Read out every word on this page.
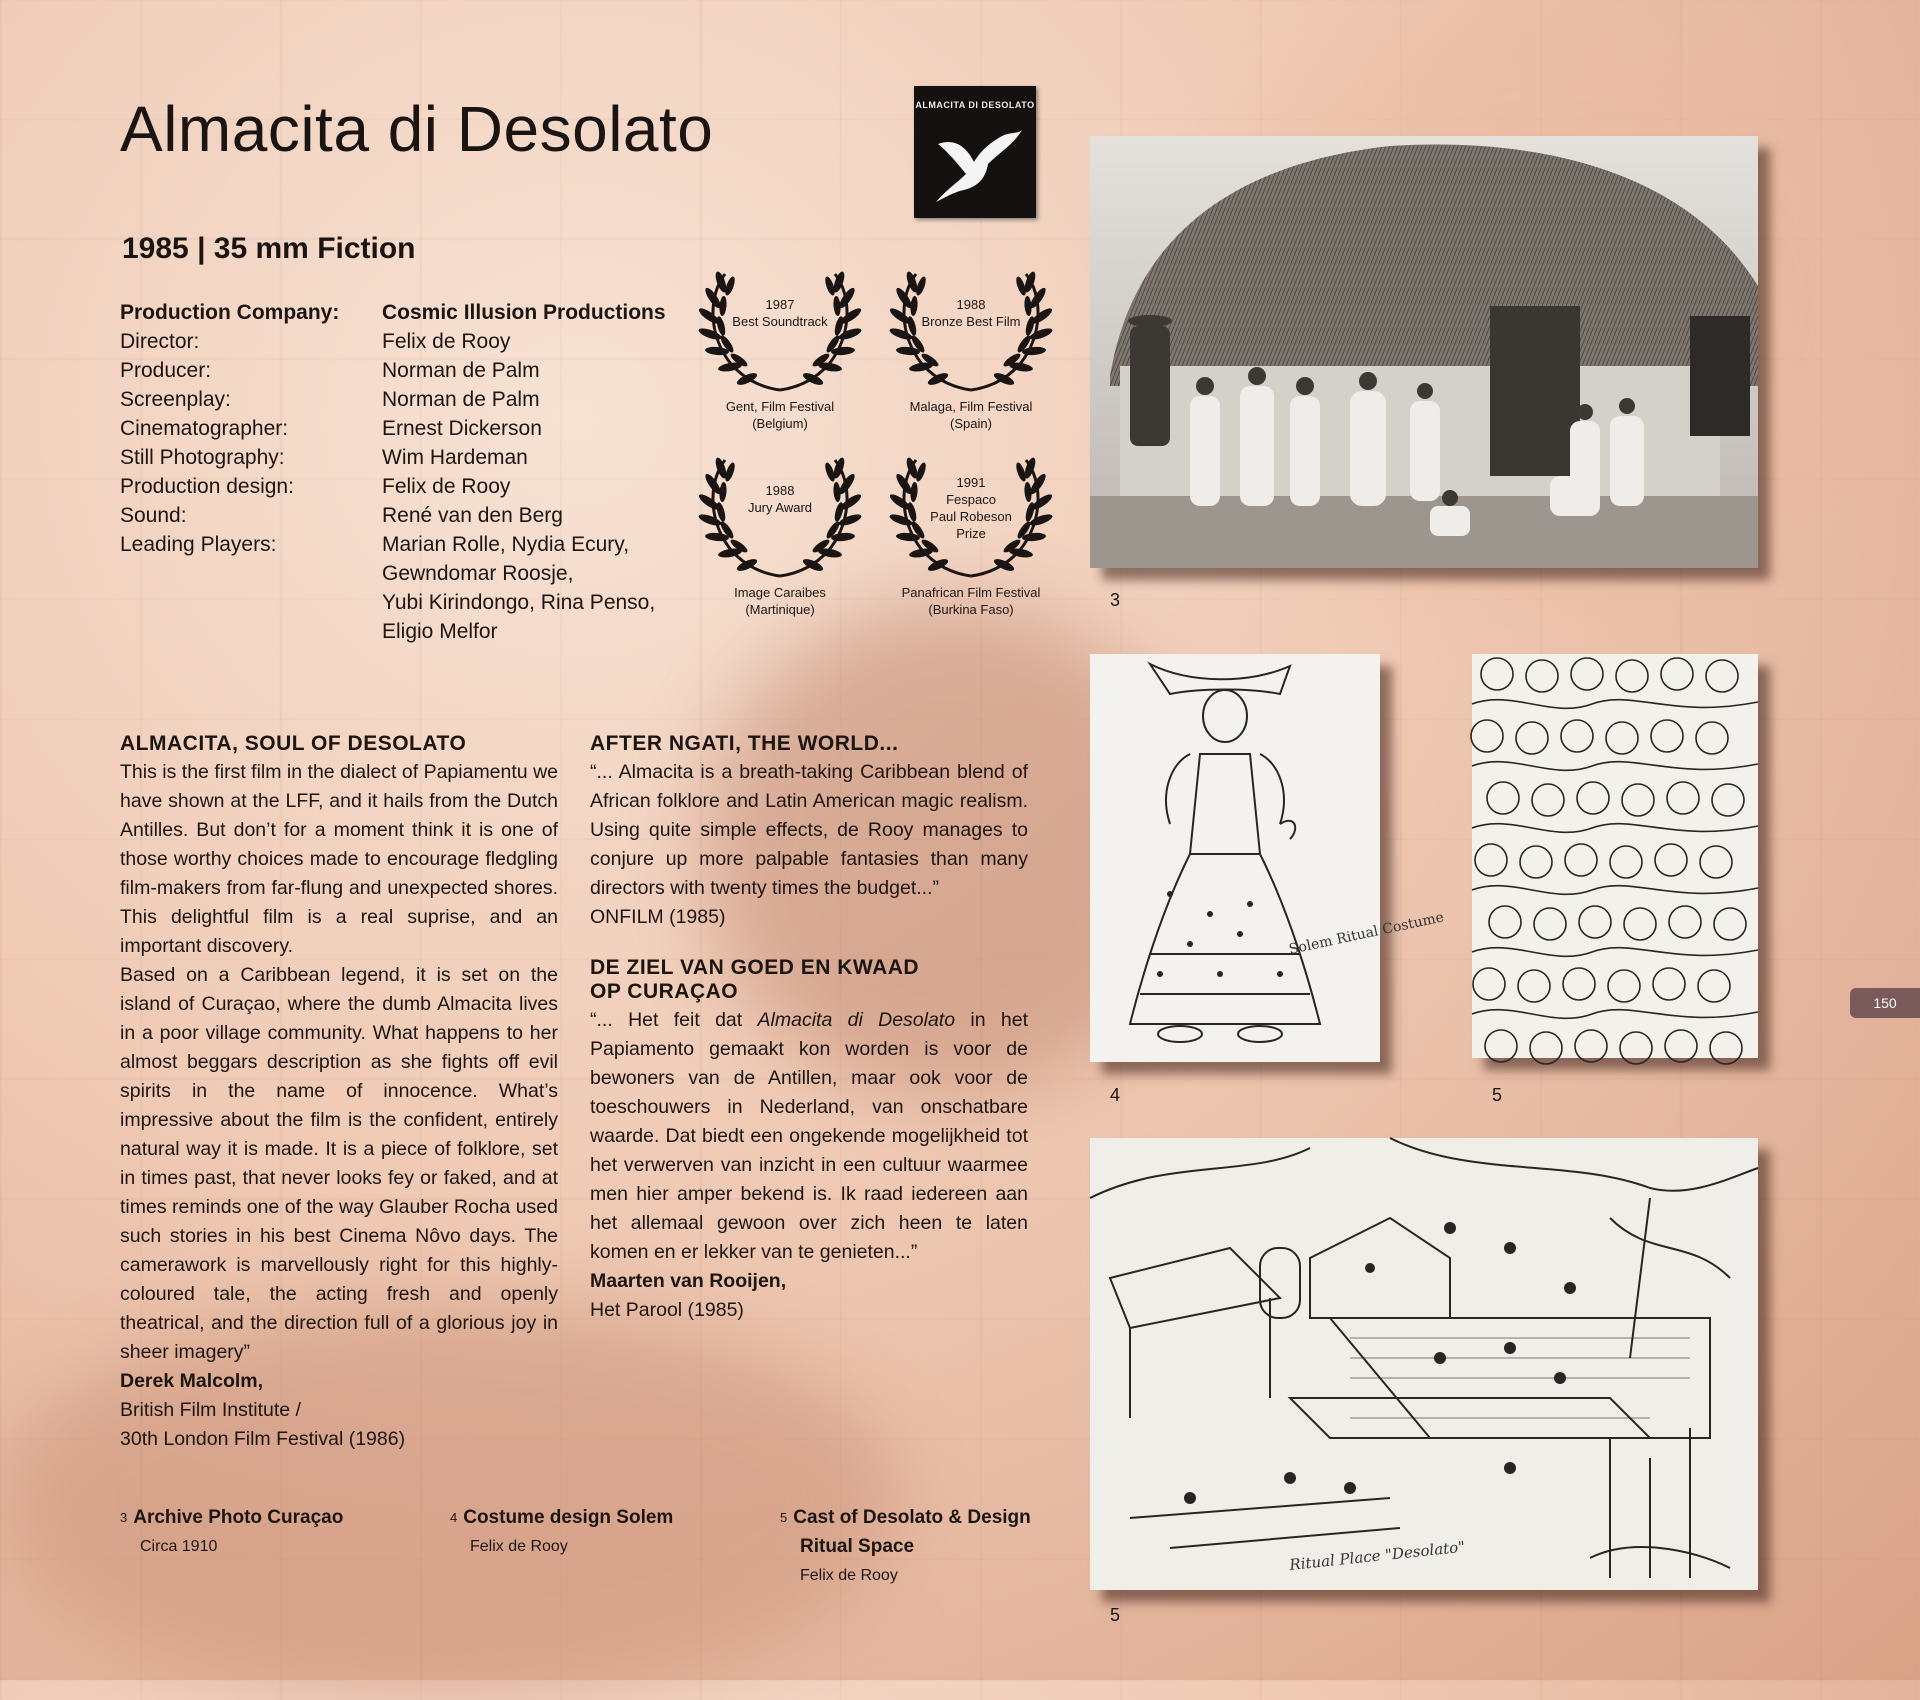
Almacita di Desolato
1985 | 35 mm Fiction
ALMACITA DI DESOLATO
Production Company:	Cosmic Illusion Productions
Director:	Felix de Rooy
Producer:	Norman de Palm
Screenplay:	Norman de Palm
Cinematographer:	Ernest Dickerson
Still Photography:	Wim Hardeman
Production design:	Felix de Rooy
Sound:	René van den Berg
Leading Players:	Marian Rolle, Nydia Ecury,
Gewndomar Roosje,
Yubi Kirindongo, Rina Penso,
Eligio Melfor
1987
Best Soundtrack
Gent, Film Festival
(Belgium)
1988
Bronze Best Film
Malaga, Film Festival
(Spain)
1988
Jury Award
Image Caraibes
(Martinique)
1991
Fespaco
Paul Robeson
Prize
Panafrican Film Festival
(Burkina Faso)
ALMACITA, SOUL OF DESOLATO

This is the first film in the dialect of Papiamentu we have shown at the LFF, and it hails from the Dutch Antilles. But don’t for a moment think it is one of those worthy choices made to encourage fledgling film-makers from far-flung and unexpected shores. This delightful film is a real suprise, and an important discovery.

Based on a Caribbean legend, it is set on the island of Curaçao, where the dumb Almacita lives in a poor village community. What happens to her almost beggars description as she fights off evil spirits in the name of innocence. What’s impressive about the film is the confident, entirely natural way it is made. It is a piece of folklore, set in times past, that never looks fey or faked, and at times reminds one of the way Glauber Rocha used such stories in his best Cinema Nôvo days. The camerawork is marvellously right for this highly-coloured tale, the acting fresh and openly theatrical, and the direction full of a glorious joy in sheer imagery”

Derek Malcolm,

British Film Institute /

30th London Film Festival (1986)

AFTER NGATI, THE WORLD...

“... Almacita is a breath-taking Caribbean blend of African folklore and Latin American magic realism. Using quite simple effects, de Rooy manages to conjure up more palpable fantasies than many directors with twenty times the budget...”

ONFILM (1985)

DE ZIEL VAN GOED EN KWAAD
OP CURAÇAO

“... Het feit dat Almacita di Desolato in het Papiamento gemaakt kon worden is voor de bewoners van de Antillen, maar ook voor de toeschouwers in Nederland, van onschatbare waarde. Dat biedt een ongekende mogelijkheid tot het verwerven van inzicht in een cultuur waarmee men hier amper bekend is. Ik raad iedereen aan het allemaal gewoon over zich heen te laten komen en er lekker van te genieten...”

Maarten van Rooijen,

Het Parool (1985)

$^3$ Archive Photo Curaçao
Circa 1910
$^4$ Costume design Solem
Felix de Rooy
$^5$ Cast of Desolato & Design
Ritual Space
Felix de Rooy
3
Solem Ritual Costume
4	5
Ritual Place "Desolato"
5
150
